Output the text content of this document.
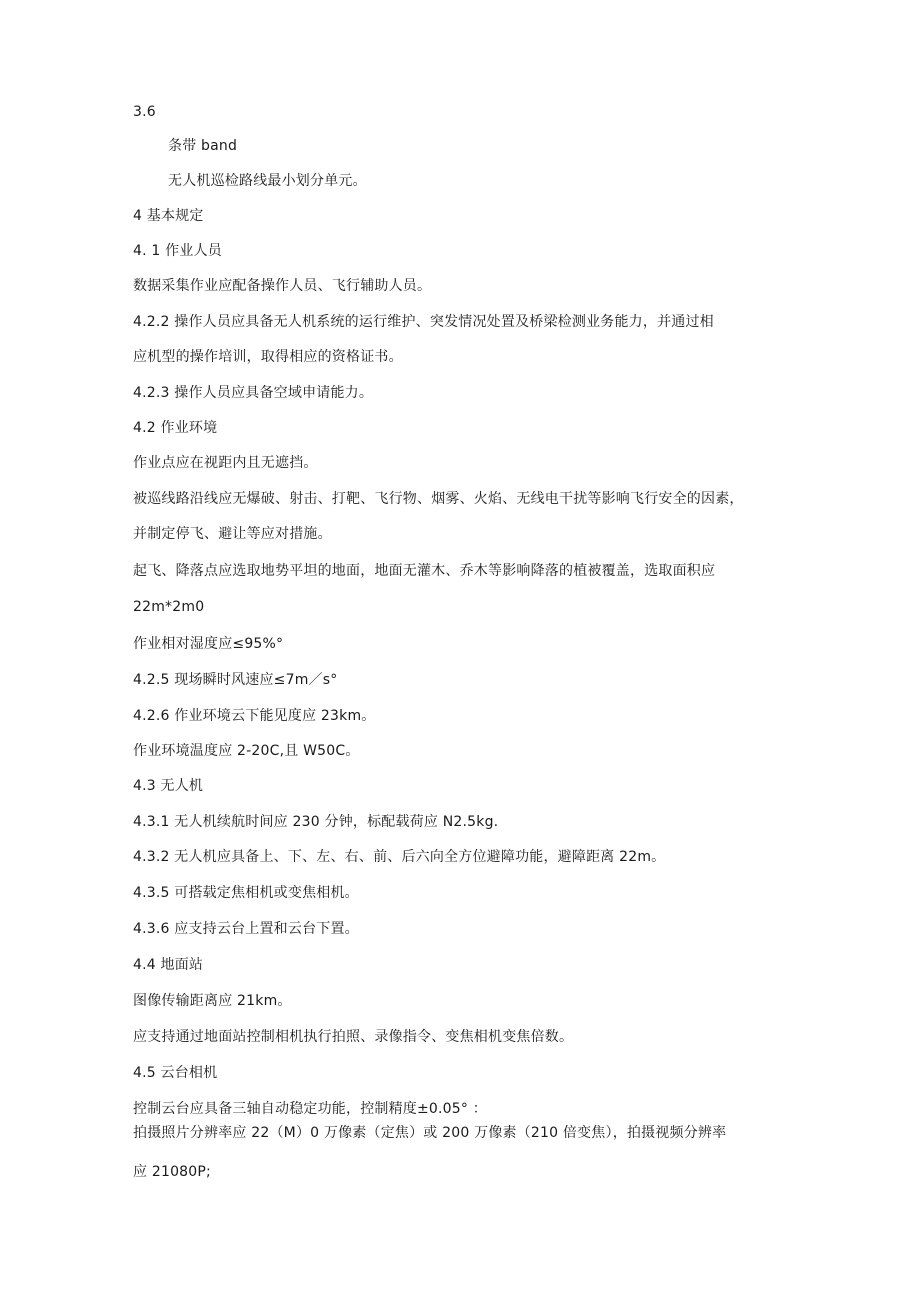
3.6
条带 band
无人机巡检路线最小划分单元。
4 基本规定
4. 1 作业人员
数据采集作业应配备操作人员、飞行辅助人员。
4.2.2 操作人员应具备无人机系统的运行维护、突发情况处置及桥梁检测业务能力，并通过相
应机型的操作培训，取得相应的资格证书。
4.2.3 操作人员应具备空域申请能力。
4.2 作业环境
作业点应在视距内且无遮挡。
被巡线路沿线应无爆破、射击、打靶、飞行物、烟雾、火焰、无线电干扰等影响飞行安全的因素，
并制定停飞、避让等应对措施。
起飞、降落点应选取地势平坦的地面，地面无灌木、乔木等影响降落的植被覆盖，选取面积应
22m*2m0
作业相对湿度应≤95%°
4.2.5 现场瞬时风速应≤7m／s°
4.2.6 作业环境云下能见度应 23km。
作业环境温度应 2-20C,且 W50C。
4.3 无人机
4.3.1 无人机续航时间应 230 分钟，标配载荷应 N2.5kg.
4.3.2 无人机应具备上、下、左、右、前、后六向全方位避障功能，避障距离 22m。
4.3.5 可搭载定焦相机或变焦相机。
4.3.6 应支持云台上置和云台下置。
4.4 地面站
图像传输距离应 21km。
应支持通过地面站控制相机执行拍照、录像指令、变焦相机变焦倍数。
4.5 云台相机
控制云台应具备三轴自动稳定功能，控制精度±0.05° ：
拍摄照片分辨率应 22（M）0 万像素（定焦）或 200 万像素（210 倍变焦），拍摄视频分辨率
应 21080P;
